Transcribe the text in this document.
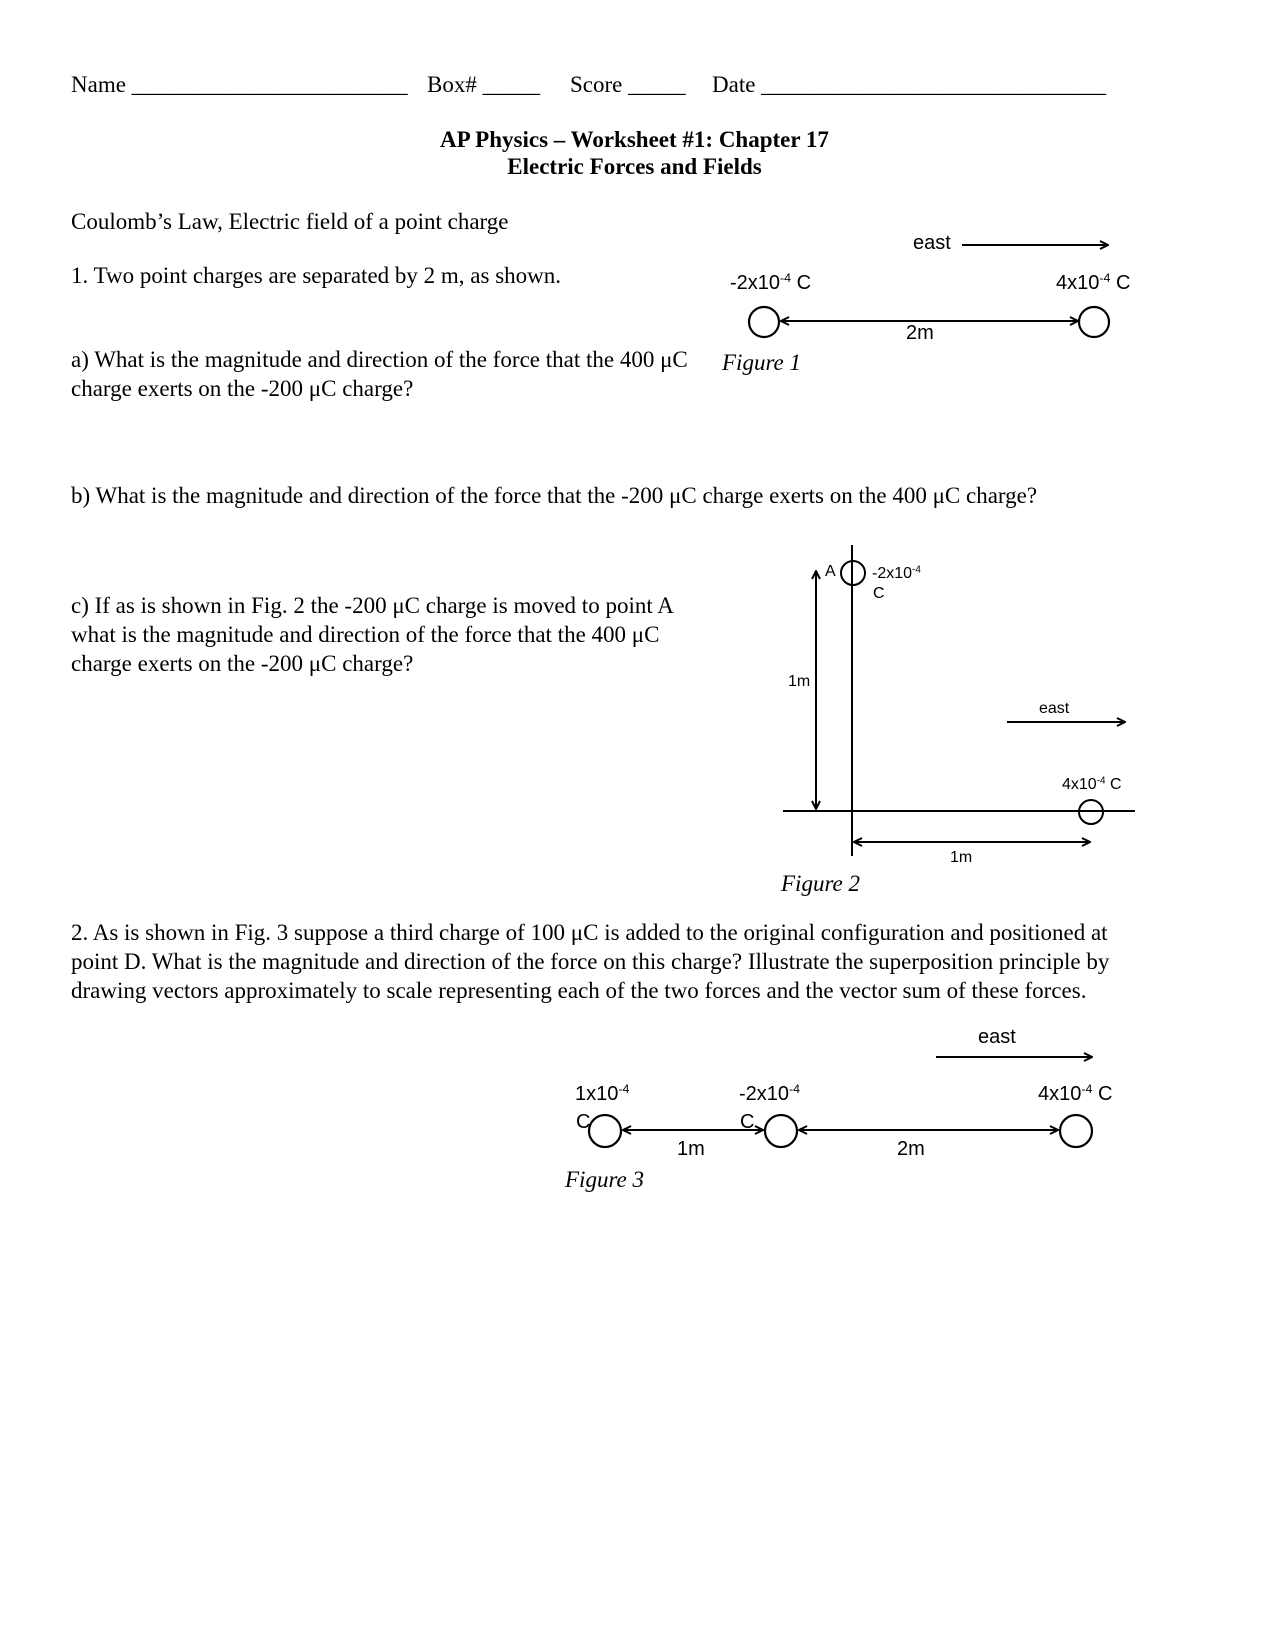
Name ________________________ Box# _____ Score _____ Date ______________________________
AP Physics – Worksheet #1: Chapter 17
Electric Forces and Fields
Coulomb’s Law, Electric field of a point charge
1. Two point charges are separated by 2 m, as shown.
a) What is the magnitude and direction of the force that the 400 μC charge exerts on the -200 μC charge?
b) What is the magnitude and direction of the force that the -200 μC charge exerts on the 400 μC charge?
c) If as is shown in Fig. 2 the -200 μC charge is moved to point A what is the magnitude and direction of the force that the 400 μC charge exerts on the -200 μC charge?
2. As is shown in Fig. 3 suppose a third charge of 100 μC is added to the original configuration and positioned at point D. What is the magnitude and direction of the force on this charge? Illustrate the superposition principle by drawing vectors approximately to scale representing each of the two forces and the vector sum of these forces.
east
$-2x10^{-4}$ C	$4x10^{-4}$ C
2m
Figure 1
A $-2x10^{-4}$
C
1m
east
$4x10^{-4}$ C
1m
Figure 2
east
$1x10^{-4}$
C
$-2x10^{-4}$
C
$4x10^{-4}$ C
1m	2m
Figure 3
